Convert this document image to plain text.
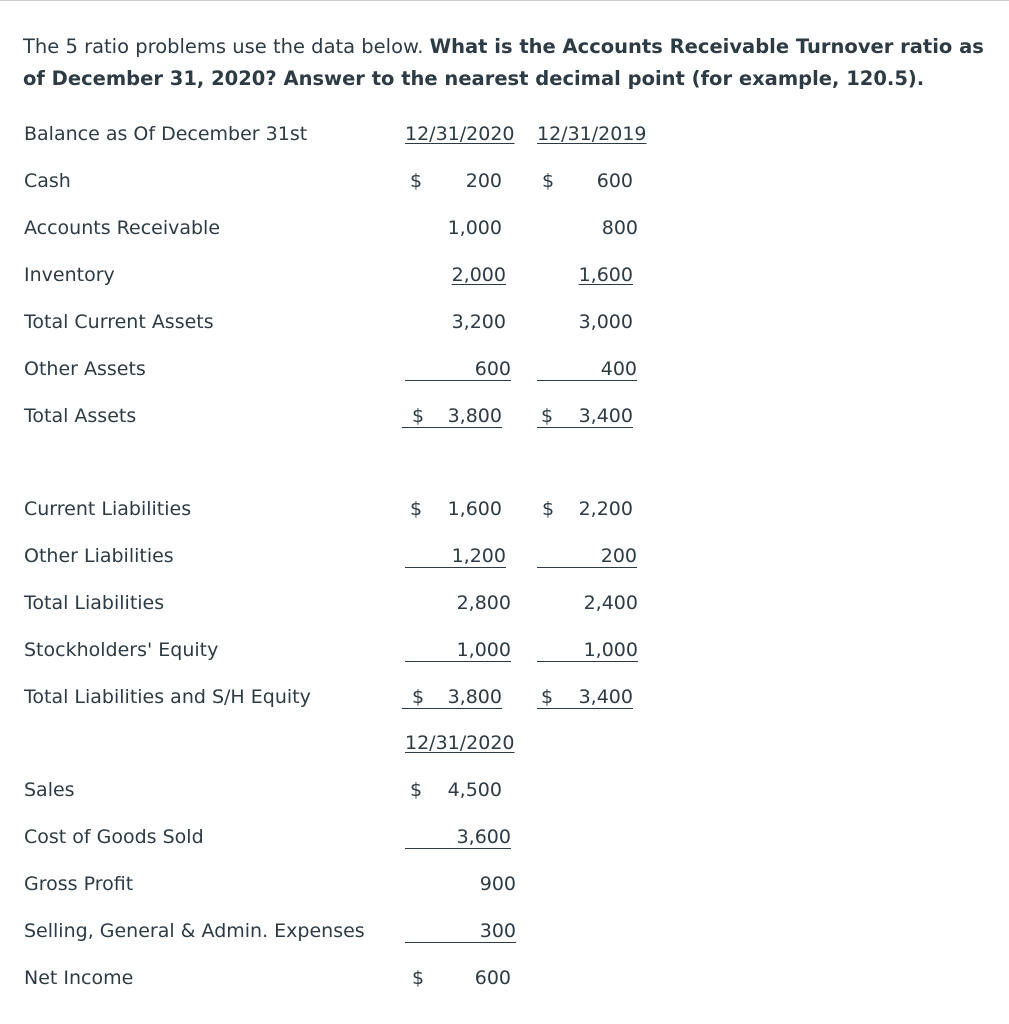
The 5 ratio problems use the data below. What is the Accounts Receivable Turnover ratio as of December 31, 2020? Answer to the nearest decimal point (for example, 120.5).
Balance as Of December 31st	12/31/2020 12/31/2019
Cash	$	200 $	600
Accounts Receivable	1,000	800
Inventory	2,000	1,600
Total Current Assets	3,200	3,000
Other Assets	600	400
Total Assets	$	3,800 $	3,400
Current Liabilities	$	1,600 $	2,200
Other Liabilities	1,200	200
Total Liabilities	2,800	2,400
Stockholders' Equity	1,000	1,000
Total Liabilities and S/H Equity	$	3,800 $	3,400
12/31/2020
Sales	$	4,500
Cost of Goods Sold	3,600
Gross Profit	900
Selling, General & Admin. Expenses	300
Net Income	$	600
